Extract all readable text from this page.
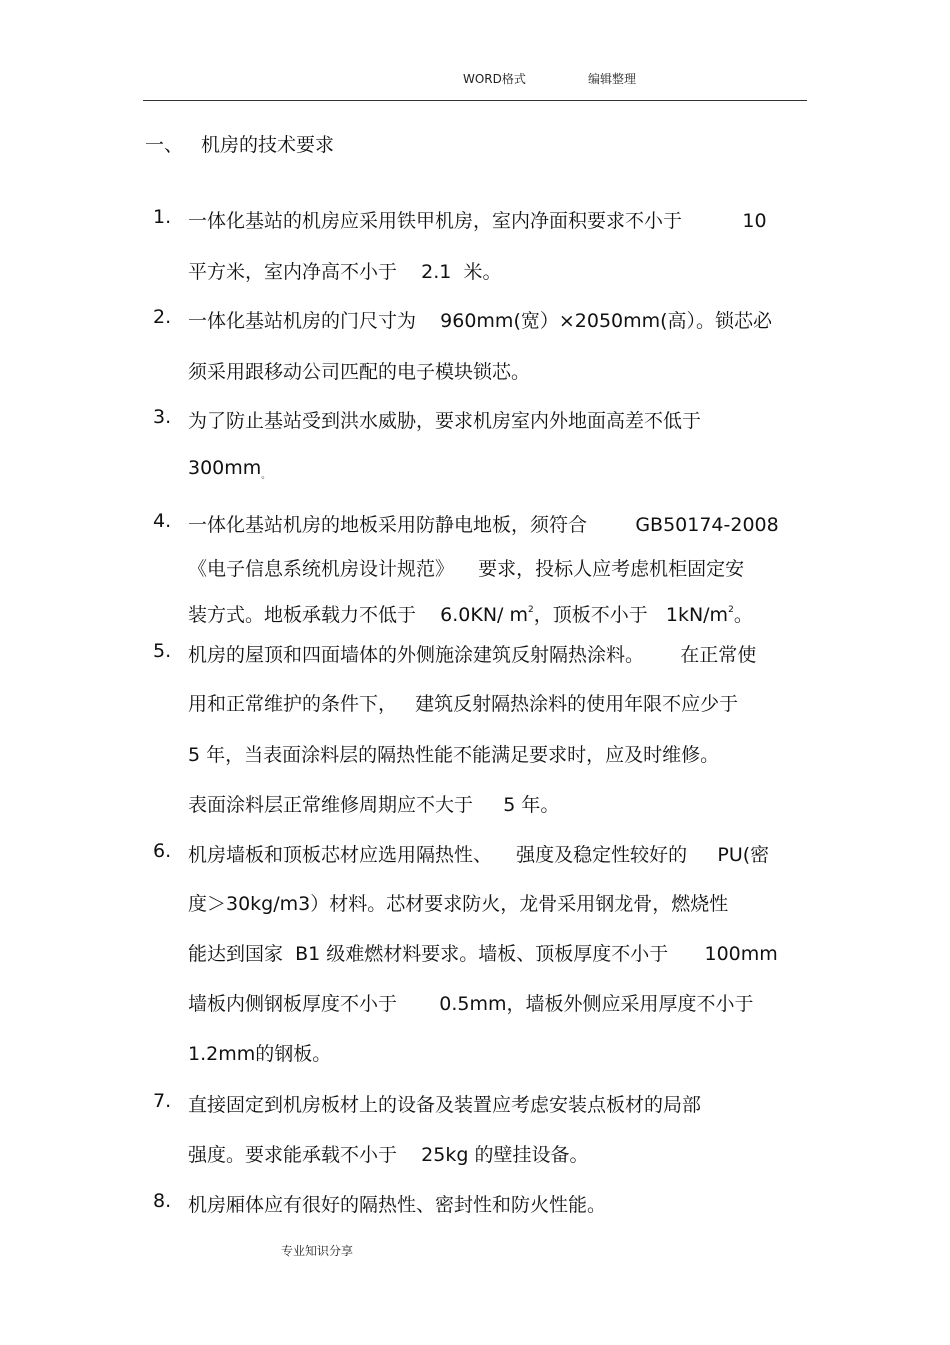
WORD格式	编辑整理
一、 机房的技术要求
1. 一体化基站的机房应采用铁甲机房，室内净面积要求不小于          10
平方米，室内净高不小于    2.1  米。
2. 一体化基站机房的门尺寸为    960mm(宽）×2050mm(高）。锁芯必
须采用跟移动公司匹配的电子模块锁芯。
3. 为了防止基站受到洪水威胁，要求机房室内外地面高差不低于
$300mm_。$
4. 一体化基站机房的地板采用防静电地板，须符合        GB50174-2008
《电子信息系统机房设计规范》    要求，投标人应考虑机柜固定安
装方式。地板承载力不低于    6.0KN/ $m^2$，顶板不小于   $1kN/m^2$。
5. 机房的屋顶和四面墙体的外侧施涂建筑反射隔热涂料。      在正常使
用和正常维护的条件下，   建筑反射隔热涂料的使用年限不应少于
5 年，当表面涂料层的隔热性能不能满足要求时，应及时维修。
表面涂料层正常维修周期应不大于     5 年。
6. 机房墙板和顶板芯材应选用隔热性、    强度及稳定性较好的     PU(密
度＞30kg/m3）材料。芯材要求防火，龙骨采用钢龙骨，燃烧性
能达到国家  B1 级难燃材料要求。墙板、顶板厚度不小于      100mm
墙板内侧钢板厚度不小于       0.5mm，墙板外侧应采用厚度不小于
1.2mm的钢板。
7. 直接固定到机房板材上的设备及装置应考虑安装点板材的局部
强度。要求能承载不小于    25kg 的壁挂设备。
8. 机房厢体应有很好的隔热性、密封性和防火性能。
专业知识分享
